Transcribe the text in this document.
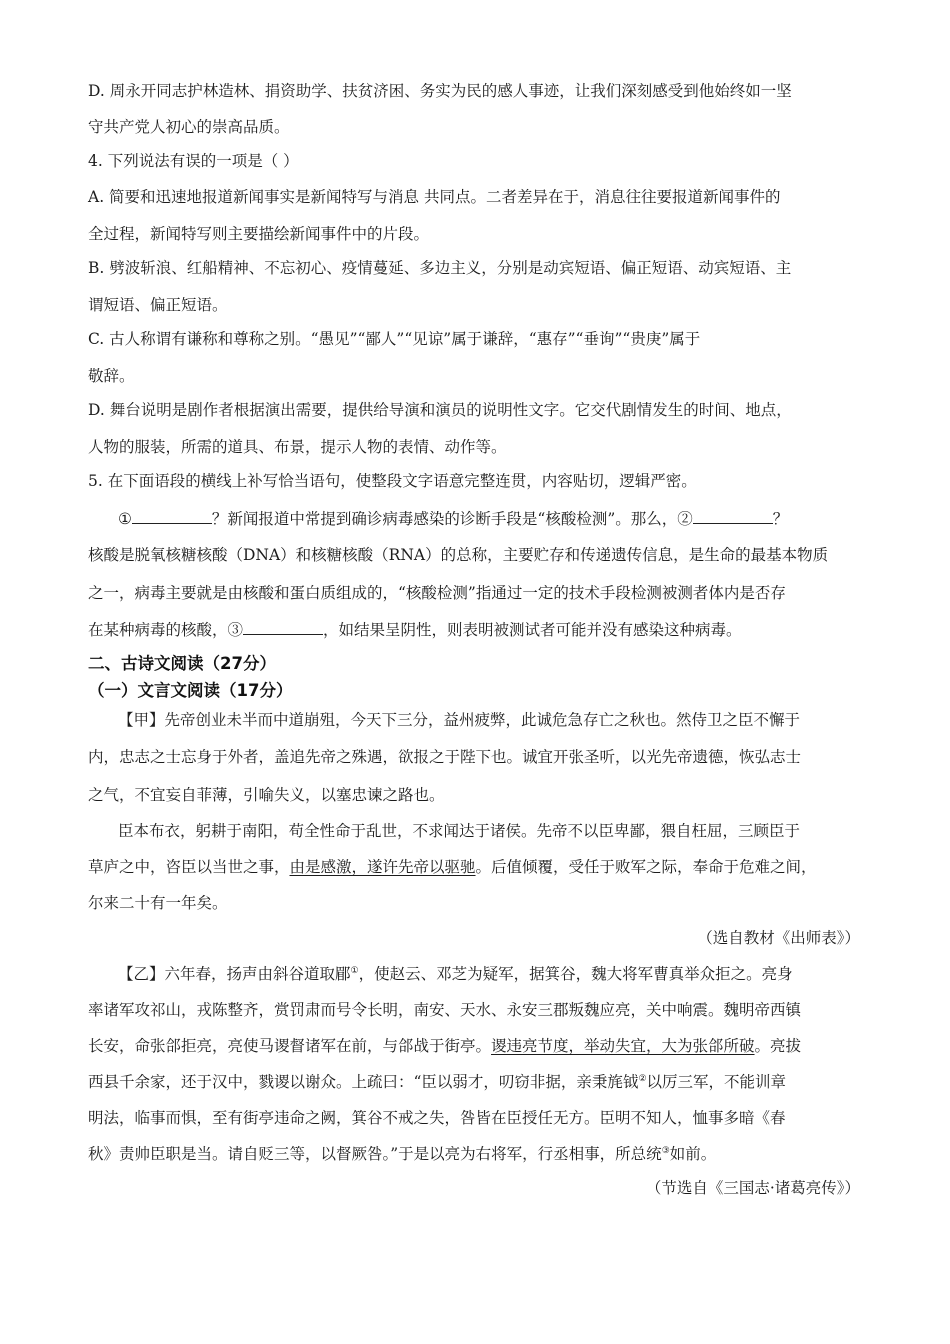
D. 周永开同志护林造林、捐资助学、扶贫济困、务实为民的感人事迹，让我们深刻感受到他始终如一坚
守共产党人初心的崇高品质。
4. 下列说法有误的一项是（ ）
A. 简要和迅速地报道新闻事实是新闻特写与消息 共同点。二者差异在于，消息往往要报道新闻事件的
全过程，新闻特写则主要描绘新闻事件中的片段。
B. 劈波斩浪、红船精神、不忘初心、疫情蔓延、多边主义，分别是动宾短语、偏正短语、动宾短语、主
谓短语、偏正短语。
C. 古人称谓有谦称和尊称之别。“愚见”“鄙人”“见谅”属于谦辞，“惠存”“垂询”“贵庚”属于
敬辞。
D. 舞台说明是剧作者根据演出需要，提供给导演和演员的说明性文字。它交代剧情发生的时间、地点，
人物的服装，所需的道具、布景，提示人物的表情、动作等。
5. 在下面语段的横线上补写恰当语句，使整段文字语意完整连贯，内容贴切，逻辑严密。
①	？新闻报道中常提到确诊病毒感染的诊断手段是“核酸检测”。那么，②	？
核酸是脱氧核糖核酸（DNA）和核糖核酸（RNA）的总称，主要贮存和传递遗传信息，是生命的最基本物质
之一，病毒主要就是由核酸和蛋白质组成的，“核酸检测”指通过一定的技术手段检测被测者体内是否存
在某种病毒的核酸，③	，如结果呈阴性，则表明被测试者可能并没有感染这种病毒。
二、古诗文阅读（27分）
（一）文言文阅读（17分）
【甲】先帝创业未半而中道崩殂，今天下三分，益州疲弊，此诚危急存亡之秋也。然侍卫之臣不懈于
内，忠志之士忘身于外者，盖追先帝之殊遇，欲报之于陛下也。诚宜开张圣听，以光先帝遗德，恢弘志士
之气，不宜妄自菲薄，引喻失义，以塞忠谏之路也。
臣本布衣，躬耕于南阳，苟全性命于乱世，不求闻达于诸侯。先帝不以臣卑鄙，猥自枉屈，三顾臣于
草庐之中，咨臣以当世之事，由是感激，遂许先帝以驱驰。后值倾覆，受任于败军之际，奉命于危难之间，
尔来二十有一年矣。
（选自教材《出师表》）
【乙】六年春，扬声由斜谷道取郿①，使赵云、邓芝为疑军，据箕谷，魏大将军曹真举众拒之。亮身
率诸军攻祁山，戎陈整齐，赏罚肃而号令长明，南安、天水、永安三郡叛魏应亮，关中响震。魏明帝西镇
长安，命张郃拒亮，亮使马谡督诸军在前，与郃战于街亭。谡违亮节度，举动失宜，大为张郃所破。亮拔
西县千余家，还于汉中，戮谡以谢众。上疏曰：“臣以弱才，叨窃非据，亲秉旄钺②以厉三军，不能训章
明法，临事而惧，至有街亭违命之阙，箕谷不戒之失，咎皆在臣授任无方。臣明不知人，恤事多暗《春
秋》责帅臣职是当。请自贬三等，以督厥咎。”于是以亮为右将军，行丞相事，所总统③如前。
（节选自《三国志·诸葛亮传》）
